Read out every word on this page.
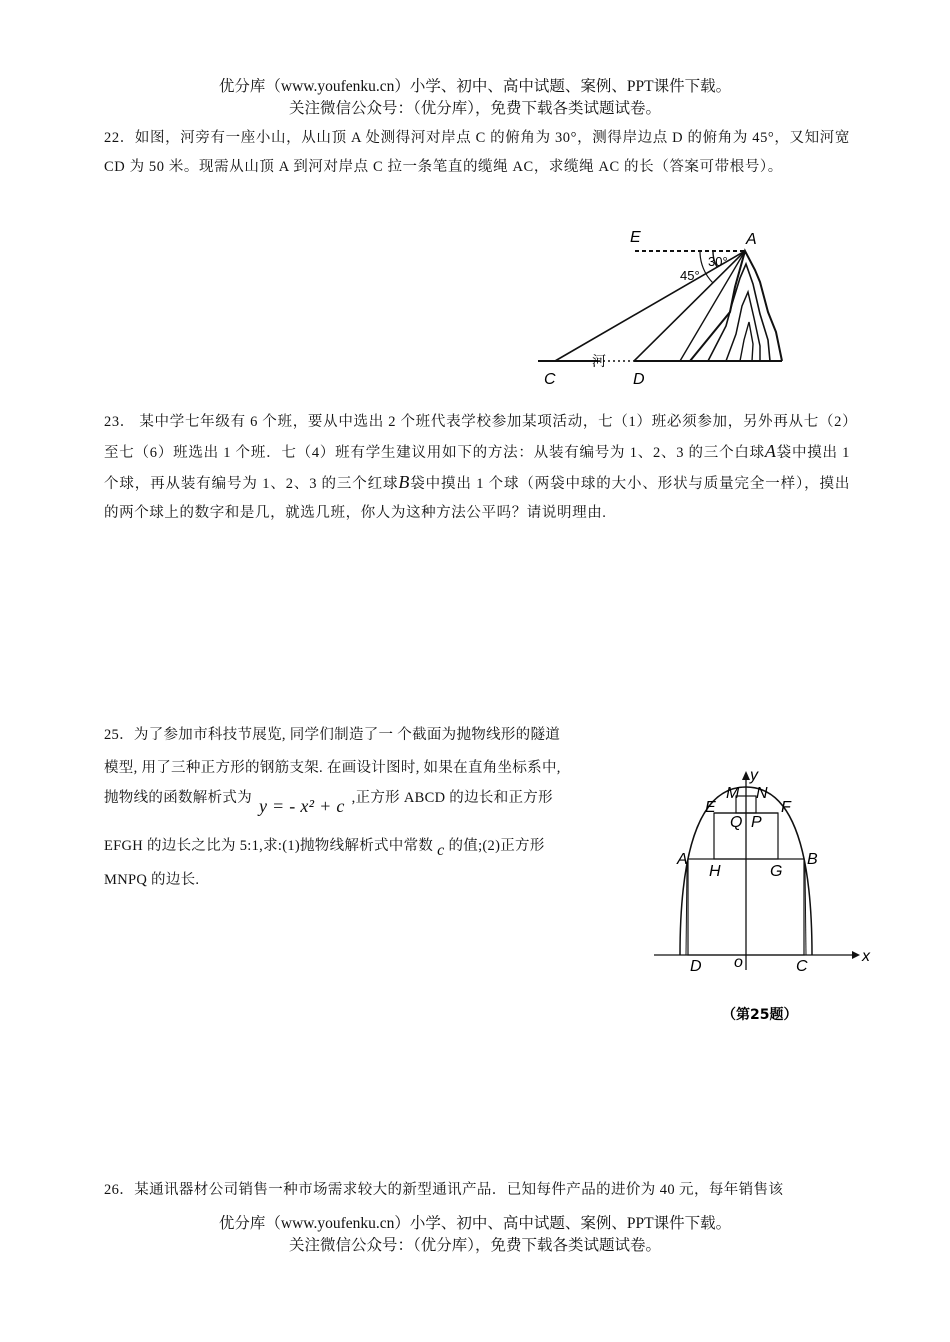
优分库（www.youfenku.cn）小学、初中、高中试题、案例、PPT课件下载。
关注微信公众号：（优分库），免费下载各类试题试卷。
22．如图，河旁有一座小山，从山顶 A 处测得河对岸点 C 的俯角为 30°，测得岸边点 D 的俯角为 45°，又知河宽 CD 为 50 米。现需从山顶 A 到河对岸点 C 拉一条笔直的缆绳 AC，求缆绳 AC 的长（答案可带根号）。
E	A
C	D
30°
45°
河
23． 某中学七年级有 6 个班，要从中选出 2 个班代表学校参加某项活动，七（1）班必须参加，另外再从七（2）至七（6）班选出 1 个班．七（4）班有学生建议用如下的方法：从装有编号为 1、2、3 的三个白球A袋中摸出 1 个球，再从装有编号为 1、2、3 的三个红球B袋中摸出 1 个球（两袋中球的大小、形状与质量完全一样），摸出的两个球上的数字和是几，就选几班，你人为这种方法公平吗？请说明理由.
25．为了参加市科技节展览, 同学们制造了一 个截面为抛物线形的隧道
模型, 用了三种正方形的钢筋支架. 在画设计图时, 如果在直角坐标系中,
抛物线的函数解析式为 y = - x² + c ,正方形 ABCD 的边长和正方形
EFGH 的边长之比为 5:1,求:(1)抛物线解析式中常数 c 的值;(2)正方形
MNPQ 的边长.
y
x
M N
E	F
Q P
A	B
H	G
D o	C
（第25题）
26．某通讯器材公司销售一种市场需求较大的新型通讯产品．已知每件产品的进价为 40 元，每年销售该
优分库（www.youfenku.cn）小学、初中、高中试题、案例、PPT课件下载。
关注微信公众号：（优分库），免费下载各类试题试卷。
